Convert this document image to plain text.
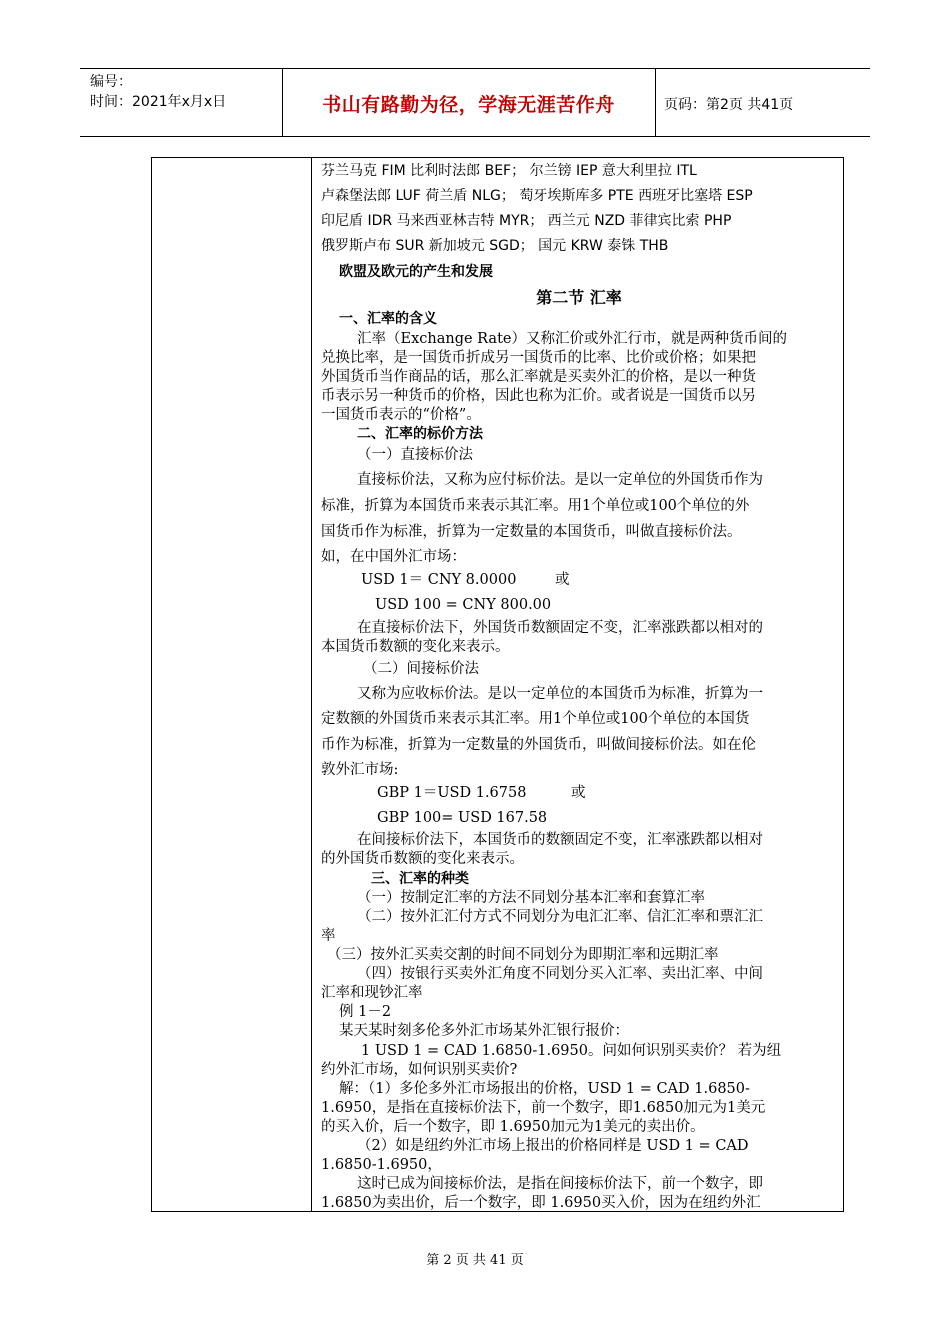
编号：
时间：2021年x月x日	书山有路勤为径，学海无涯苦作舟	页码：第2页 共41页
芬兰马克 FIM 比利时法郎 BEF； 尔兰镑 IEP 意大利里拉 ITL
卢森堡法郎 LUF 荷兰盾 NLG； 萄牙埃斯库多 PTE 西班牙比塞塔 ESP
印尼盾 IDR 马来西亚林吉特 MYR； 西兰元 NZD 菲律宾比索 PHP
俄罗斯卢布 SUR 新加坡元 SGD； 国元 KRW 泰铢 THB
欧盟及欧元的产生和发展
第二节 汇率
一、汇率的含义
汇率（Exchange Rate）又称汇价或外汇行市，就是两种货币间的
兑换比率，是一国货币折成另一国货币的比率、比价或价格；如果把
外国货币当作商品的话，那么汇率就是买卖外汇的价格，是以一种货
币表示另一种货币的价格，因此也称为汇价。或者说是一国货币以另
一国货币表示的“价格”。
二、汇率的标价方法
（一）直接标价法
直接标价法，又称为应付标价法。是以一定单位的外国货币作为
标准，折算为本国货币来表示其汇率。用1个单位或100个单位的外
国货币作为标准，折算为一定数量的本国货币，叫做直接标价法。
如，在中国外汇市场：
USD 1＝ CNY 8.0000	或
USD 100 = CNY 800.00
在直接标价法下，外国货币数额固定不变，汇率涨跌都以相对的
本国货币数额的变化来表示。
（二）间接标价法
又称为应收标价法。是以一定单位的本国货币为标准，折算为一
定数额的外国货币来表示其汇率。用1个单位或100个单位的本国货
币作为标准，折算为一定数量的外国货币，叫做间接标价法。如在伦
敦外汇市场:
GBP 1＝USD 1.6758	或
GBP 100= USD 167.58
在间接标价法下，本国货币的数额固定不变，汇率涨跌都以相对
的外国货币数额的变化来表示。
三、汇率的种类
（一）按制定汇率的方法不同划分基本汇率和套算汇率
（二）按外汇汇付方式不同划分为电汇汇率、信汇汇率和票汇汇
率
（三）按外汇买卖交割的时间不同划分为即期汇率和远期汇率
（四）按银行买卖外汇角度不同划分买入汇率、卖出汇率、中间
汇率和现钞汇率
例 1－2
某天某时刻多伦多外汇市场某外汇银行报价：
1 USD 1 = CAD 1.6850-1.6950。问如何识别买卖价？ 若为纽
约外汇市场，如何识别买卖价?
解：（1）多伦多外汇市场报出的价格，USD 1 = CAD 1.6850-
1.6950，是指在直接标价法下，前一个数字，即1.6850加元为1美元
的买入价，后一个数字，即 1.6950加元为1美元的卖出价。
（2）如是纽约外汇市场上报出的价格同样是 USD 1 = CAD
1.6850-1.6950，
这时已成为间接标价法，是指在间接标价法下，前一个数字，即
1.6850为卖出价，后一个数字，即 1.6950买入价，因为在纽约外汇
第 2 页 共 41 页
